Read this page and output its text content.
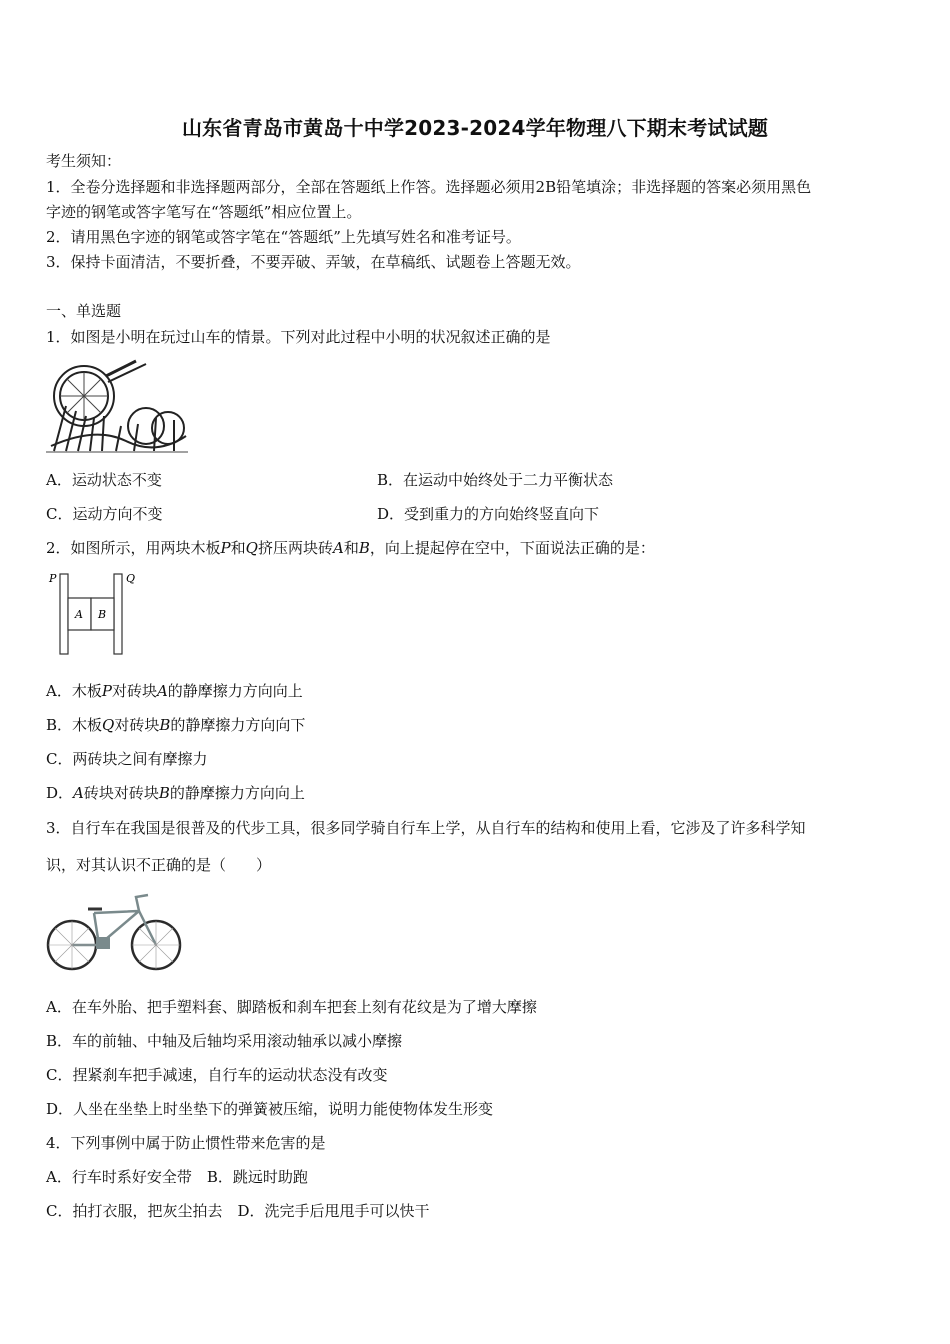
山东省青岛市黄岛十中学2023-2024学年物理八下期末考试试题
考生须知：
1．全卷分选择题和非选择题两部分，全部在答题纸上作答。选择题必须用2B铅笔填涂；非选择题的答案必须用黑色
字迹的钢笔或答字笔写在“答题纸”相应位置上。
2．请用黑色字迹的钢笔或答字笔在“答题纸”上先填写姓名和准考证号。
3．保持卡面清洁，不要折叠，不要弄破、弄皱，在草稿纸、试题卷上答题无效。
一、单选题
1．如图是小明在玩过山车的情景。下列对此过程中小明的状况叙述正确的是
A．运动状态不变	B．在运动中始终处于二力平衡状态
C．运动方向不变	D．受到重力的方向始终竖直向下
2．如图所示，用两块木板P和Q挤压两块砖A和B，向上提起停在空中，下面说法正确的是：
P	Q
A B
A．木板P对砖块A的静摩擦力方向向上
B．木板Q对砖块B的静摩擦力方向向下
C．两砖块之间有摩擦力
D．A砖块对砖块B的静摩擦力方向向上
3．自行车在我国是很普及的代步工具，很多同学骑自行车上学，从自行车的结构和使用上看，它涉及了许多科学知
识，对其认识不正确的是（　　）
A．在车外胎、把手塑料套、脚踏板和刹车把套上刻有花纹是为了增大摩擦
B．车的前轴、中轴及后轴均采用滚动轴承以减小摩擦
C．捏紧刹车把手减速，自行车的运动状态没有改变
D．人坐在坐垫上时坐垫下的弹簧被压缩，说明力能使物体发生形变
4．下列事例中属于防止惯性带来危害的是
A．行车时系好安全带　B．跳远时助跑
C．拍打衣服，把灰尘拍去　D．洗完手后甩甩手可以快干
